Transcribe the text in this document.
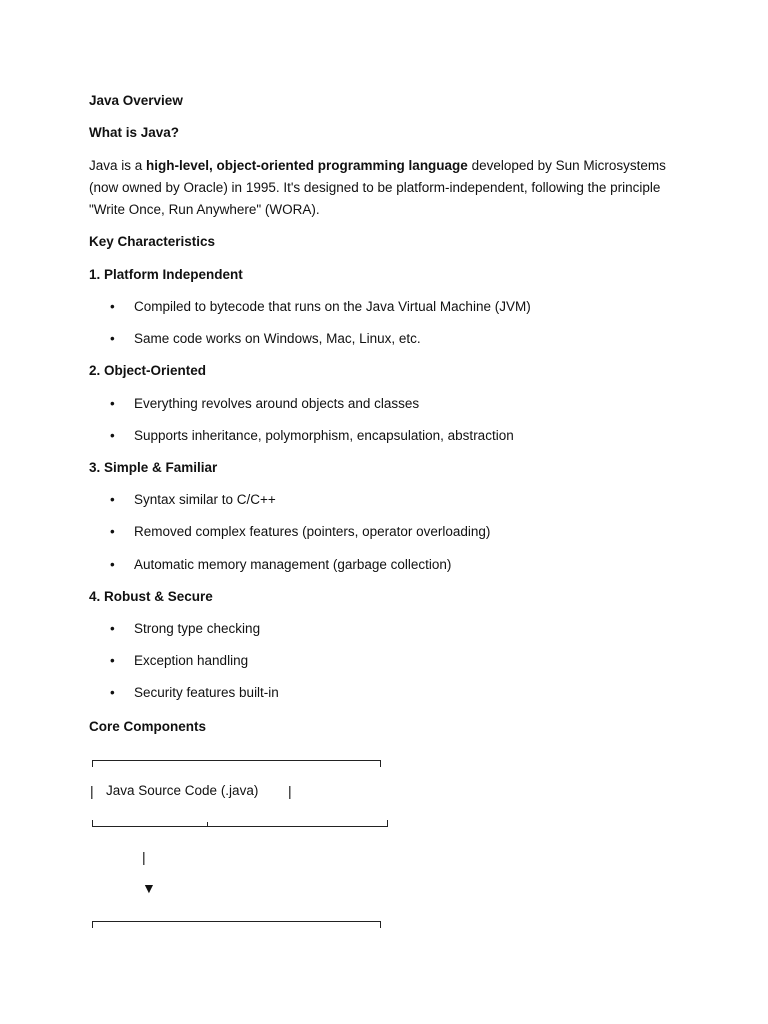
Java Overview
What is Java?
Java is a high-level, object-oriented programming language developed by Sun Microsystems (now owned by Oracle) in 1995. It's designed to be platform-independent, following the principle "Write Once, Run Anywhere" (WORA).
Key Characteristics
1. Platform Independent
• Compiled to bytecode that runs on the Java Virtual Machine (JVM)
• Same code works on Windows, Mac, Linux, etc.
2. Object-Oriented
• Everything revolves around objects and classes
• Supports inheritance, polymorphism, encapsulation, abstraction
3. Simple & Familiar
• Syntax similar to C/C++
• Removed complex features (pointers, operator overloading)
• Automatic memory management (garbage collection)
4. Robust & Secure
• Strong type checking
• Exception handling
• Security features built-in
Core Components
| Java Source Code (.java) |
|
▼
